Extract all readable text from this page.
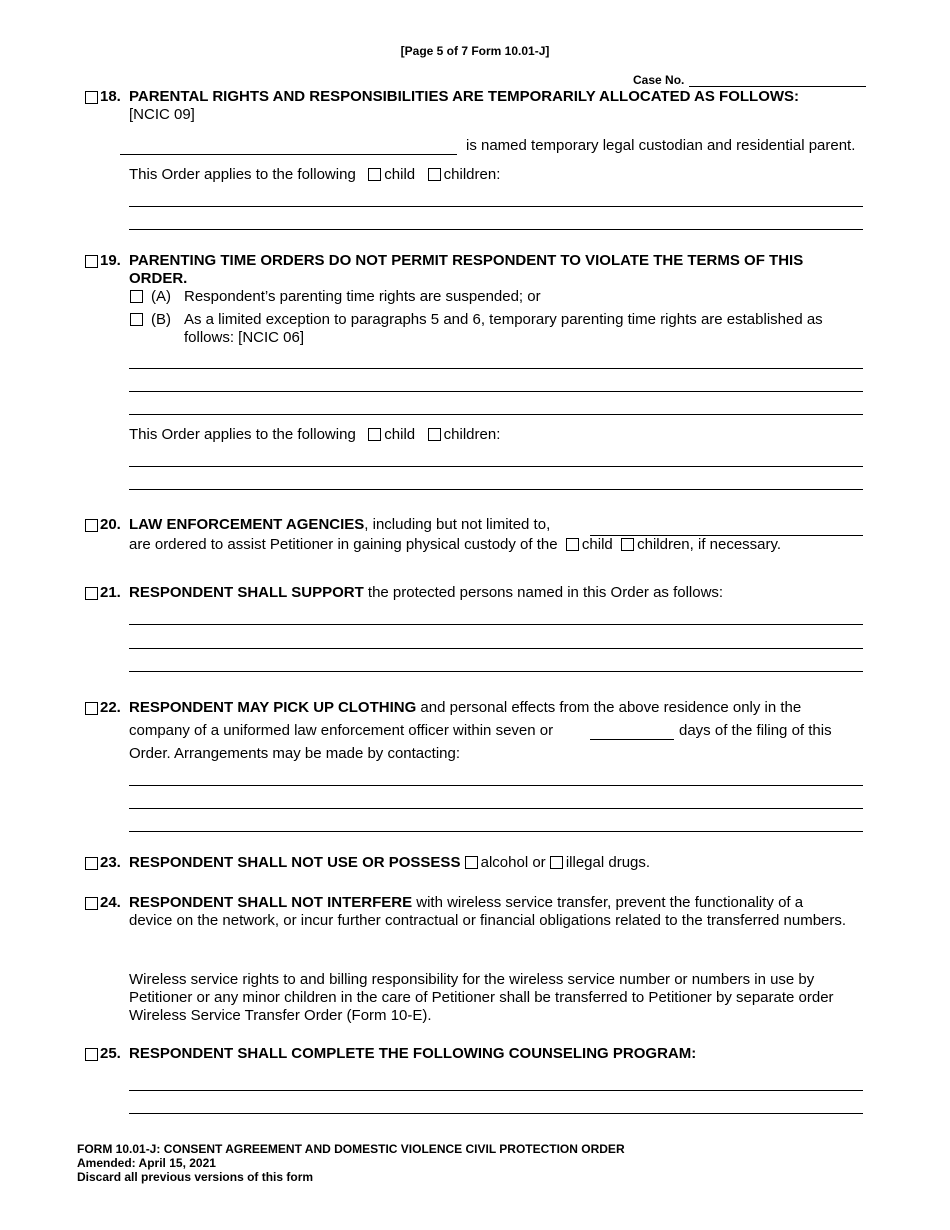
[Page 5 of 7 Form 10.01-J]
Case No.
18. PARENTAL RIGHTS AND RESPONSIBILITIES ARE TEMPORARILY ALLOCATED AS FOLLOWS:
[NCIC 09]
is named temporary legal custodian and residential parent.
This Order applies to the following child children:
19. PARENTING TIME ORDERS DO NOT PERMIT RESPONDENT TO VIOLATE THE TERMS OF THIS ORDER.
(A) Respondent’s parenting time rights are suspended; or
(B) As a limited exception to paragraphs 5 and 6, temporary parenting time rights are established as follows: [NCIC 06]
This Order applies to the following child children:
20. LAW ENFORCEMENT AGENCIES, including but not limited to,
are ordered to assist Petitioner in gaining physical custody of the child children, if necessary.
21. RESPONDENT SHALL SUPPORT the protected persons named in this Order as follows:
22. RESPONDENT MAY PICK UP CLOTHING and personal effects from the above residence only in the
company of a uniformed law enforcement officer within seven or	days of the filing of this
Order. Arrangements may be made by contacting:
23. RESPONDENT SHALL NOT USE OR POSSESS alcohol or illegal drugs.
24. RESPONDENT SHALL NOT INTERFERE with wireless service transfer, prevent the functionality of a device on the network, or incur further contractual or financial obligations related to the transferred numbers.
Wireless service rights to and billing responsibility for the wireless service number or numbers in use by Petitioner or any minor children in the care of Petitioner shall be transferred to Petitioner by separate order Wireless Service Transfer Order (Form 10-E).
25. RESPONDENT SHALL COMPLETE THE FOLLOWING COUNSELING PROGRAM:
FORM 10.01-J: CONSENT AGREEMENT AND DOMESTIC VIOLENCE CIVIL PROTECTION ORDER
Amended: April 15, 2021
Discard all previous versions of this form
